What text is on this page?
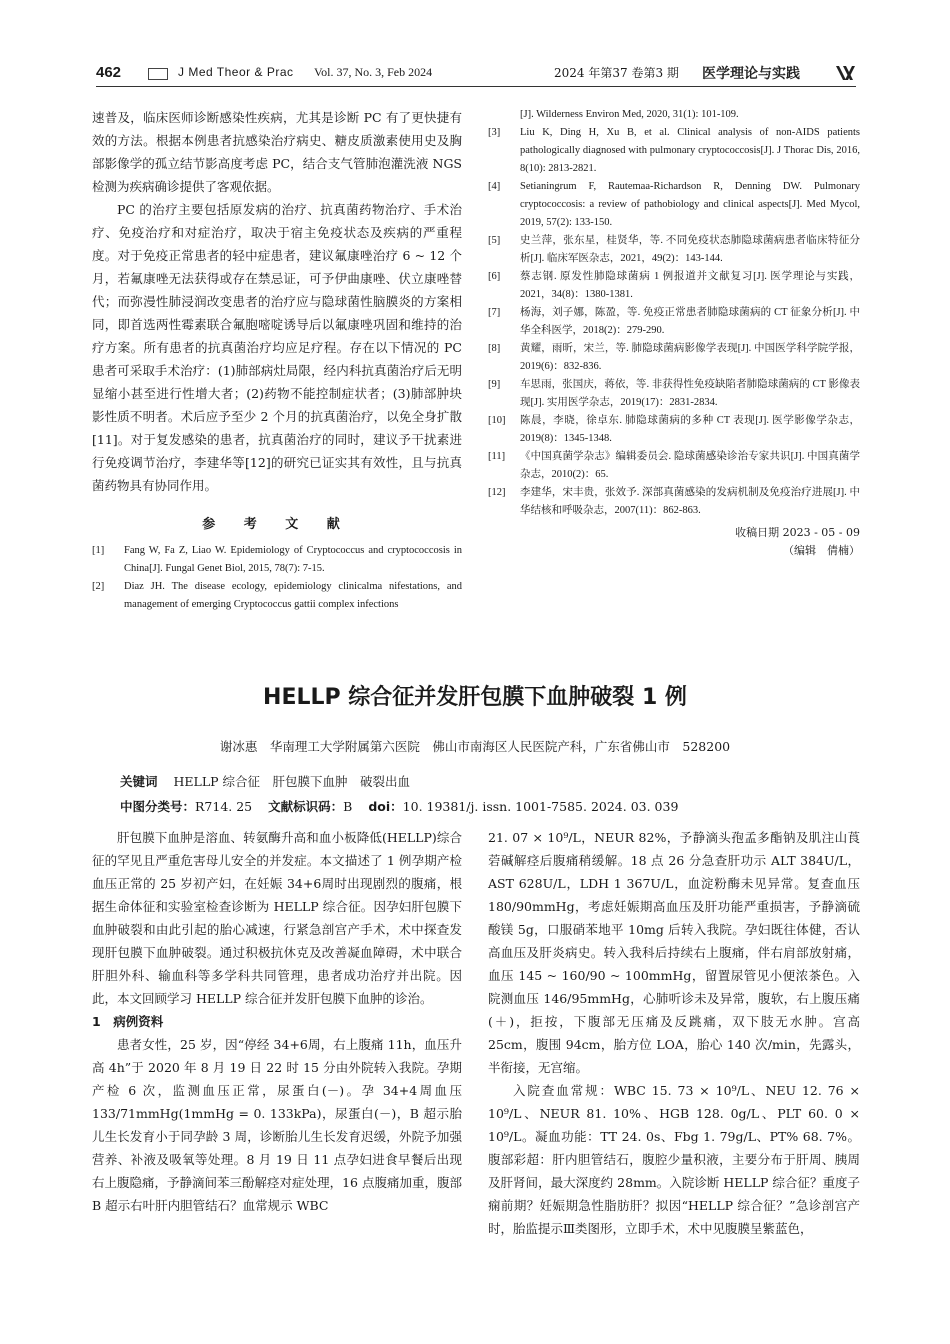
462	J Med Theor & Prac Vol. 37, No. 3, Feb 2024	2024 年第37 卷第3 期 医学理论与实践

速普及，临床医师诊断感染性疾病，尤其是诊断 PC 有了更快捷有效的方法。根据本例患者抗感染治疗病史、糖皮质激素使用史及胸部影像学的孤立结节影高度考虑 PC，结合支气管肺泡灌洗液 NGS 检测为疾病确诊提供了客观依据。

PC 的治疗主要包括原发病的治疗、抗真菌药物治疗、手术治疗、免疫治疗和对症治疗，取决于宿主免疫状态及疾病的严重程度。对于免疫正常患者的轻中症患者，建议氟康唑治疗 6 ~ 12 个月，若氟康唑无法获得或存在禁忌证，可予伊曲康唑、伏立康唑替代；而弥漫性肺浸润改变患者的治疗应与隐球菌性脑膜炎的方案相同，即首选两性霉素联合氟胞嘧啶诱导后以氟康唑巩固和维持的治疗方案。所有患者的抗真菌治疗均应足疗程。存在以下情况的 PC 患者可采取手术治疗：(1)肺部病灶局限，经内科抗真菌治疗后无明显缩小甚至进行性增大者；(2)药物不能控制症状者；(3)肺部肿块影性质不明者。术后应予至少 2 个月的抗真菌治疗，以免全身扩散[11]。对于复发感染的患者，抗真菌治疗的同时，建议予干扰素进行免疫调节治疗，李建华等[12]的研究已证实其有效性，且与抗真菌药物具有协同作用。

参 考 文 献
[1]	Fang W, Fa Z, Liao W. Epidemiology of Cryptococcus and cryptococcosis in China[J]. Fungal Genet Biol, 2015, 78(7): 7-15.
[2]	Diaz JH. The disease ecology, epidemiology clinicalma nifestations, and management of emerging Cryptococcus gattii complex infections

[J]. Wilderness Environ Med, 2020, 31(1): 101-109.

[3]	Liu K, Ding H, Xu B, et al. Clinical analysis of non-AIDS patients pathologically diagnosed with pulmonary cryptococcosis[J]. J Thorac Dis, 2016, 8(10): 2813-2821.
[4]	Setianingrum F, Rautemaa-Richardson R, Denning DW. Pulmonary cryptococcosis: a review of pathobiology and clinical aspects[J]. Med Mycol, 2019, 57(2): 133-150.
[5]	史兰萍，张东星，桂贤华，等. 不同免疫状态肺隐球菌病患者临床特征分析[J]. 临床军医杂志，2021，49(2)：143-144.
[6]	蔡志钢. 原发性肺隐球菌病 1 例报道并文献复习[J]. 医学理论与实践，2021，34(8)：1380-1381.
[7]	杨海，刘子娜，陈盈，等. 免疫正常患者肺隐球菌病的 CT 征象分析[J]. 中华全科医学，2018(2)：279-290.
[8]	黄耀，雨昕，宋兰，等. 肺隐球菌病影像学表现[J]. 中国医学科学院学报，2019(6)：832-836.
[9]	车思雨，张国庆，蒋依，等. 非获得性免疫缺陷者肺隐球菌病的 CT 影像表现[J]. 实用医学杂志，2019(17)：2831-2834.
[10]	陈晨，李晓，徐卓东. 肺隐球菌病的多种 CT 表现[J]. 医学影像学杂志，2019(8)：1345-1348.
[11]	《中国真菌学杂志》编辑委员会. 隐球菌感染诊治专家共识[J]. 中国真菌学杂志，2010(2)：65.
[12]	李建华，宋丰贵，张效予. 深部真菌感染的发病机制及免疫治疗进展[J]. 中华结核和呼吸杂志，2007(11)：862-863.
收稿日期 2023 - 05 - 09
（编辑　倩楠）
HELLP 综合征并发肝包膜下血肿破裂 1 例
谢冰惠　华南理工大学附属第六医院　佛山市南海区人民医院产科，广东省佛山市　528200
关键词 HELLP 综合征　肝包膜下血肿　破裂出血
中图分类号：R714. 25 文献标识码：B doi：10. 19381/j. issn. 1001-7585. 2024. 03. 039

肝包膜下血肿是溶血、转氨酶升高和血小板降低(HELLP)综合征的罕见且严重危害母儿安全的并发症。本文描述了 1 例孕期产检血压正常的 25 岁初产妇，在妊娠 34+6周时出现剧烈的腹痛，根据生命体征和实验室检查诊断为 HELLP 综合征。因孕妇肝包膜下血肿破裂和由此引起的胎心减速，行紧急剖宫产手术，术中探查发现肝包膜下血肿破裂。通过积极抗休克及改善凝血障碍，术中联合肝胆外科、输血科等多学科共同管理，患者成功治疗并出院。因此，本文回顾学习 HELLP 综合征并发肝包膜下血肿的诊治。

1　病例资料

患者女性，25 岁，因“停经 34+6周，右上腹痛 11h，血压升高 4h”于 2020 年 8 月 19 日 22 时 15 分由外院转入我院。孕期产检 6 次，监测血压正常，尿蛋白(－)。孕 34+4周血压 133/71mmHg(1mmHg = 0. 133kPa)，尿蛋白(－)，B 超示胎儿生长发育小于同孕龄 3 周，诊断胎儿生长发育迟缓，外院予加强营养、补液及吸氧等处理。8 月 19 日 11 点孕妇进食早餐后出现右上腹隐痛，予静滴间苯三酚解痉对症处理，16 点腹痛加重，腹部 B 超示右叶肝内胆管结石？血常规示 WBC

21. 07 × 10⁹/L，NEUR 82%，予静滴头孢孟多酯钠及肌注山莨菪碱解痉后腹痛稍缓解。18 点 26 分急查肝功示 ALT 384U/L，AST 628U/L，LDH 1 367U/L，血淀粉酶未见异常。复查血压 180/90mmHg，考虑妊娠期高血压及肝功能严重损害，予静滴硫酸镁 5g，口服硝苯地平 10mg 后转入我院。孕妇既往体健，否认高血压及肝炎病史。转入我科后持续右上腹痛，伴右肩部放射痛，血压 145 ~ 160/90 ~ 100mmHg，留置尿管见小便浓茶色。入院测血压 146/95mmHg，心肺听诊未及异常，腹软，右上腹压痛(＋)，拒按，下腹部无压痛及反跳痛，双下肢无水肿。宫高 25cm，腹围 94cm，胎方位 LOA，胎心 140 次/min，先露头，半衔接，无宫缩。

入院查血常规：WBC 15. 73 × 10⁹/L、NEU 12. 76 × 10⁹/L、NEUR 81. 10%、HGB 128. 0g/L、PLT 60. 0 × 10⁹/L。凝血功能：TT 24. 0s、Fbg 1. 79g/L、PT% 68. 7%。腹部彩超：肝内胆管结石，腹腔少量积液，主要分布于肝周、胰周及肝肾间，最大深度约 28mm。入院诊断 HELLP 综合征？重度子痫前期？妊娠期急性脂肪肝？拟因“HELLP 综合征？”急诊剖宫产时，胎监提示Ⅲ类图形，立即手术，术中见腹膜呈紫蓝色，
